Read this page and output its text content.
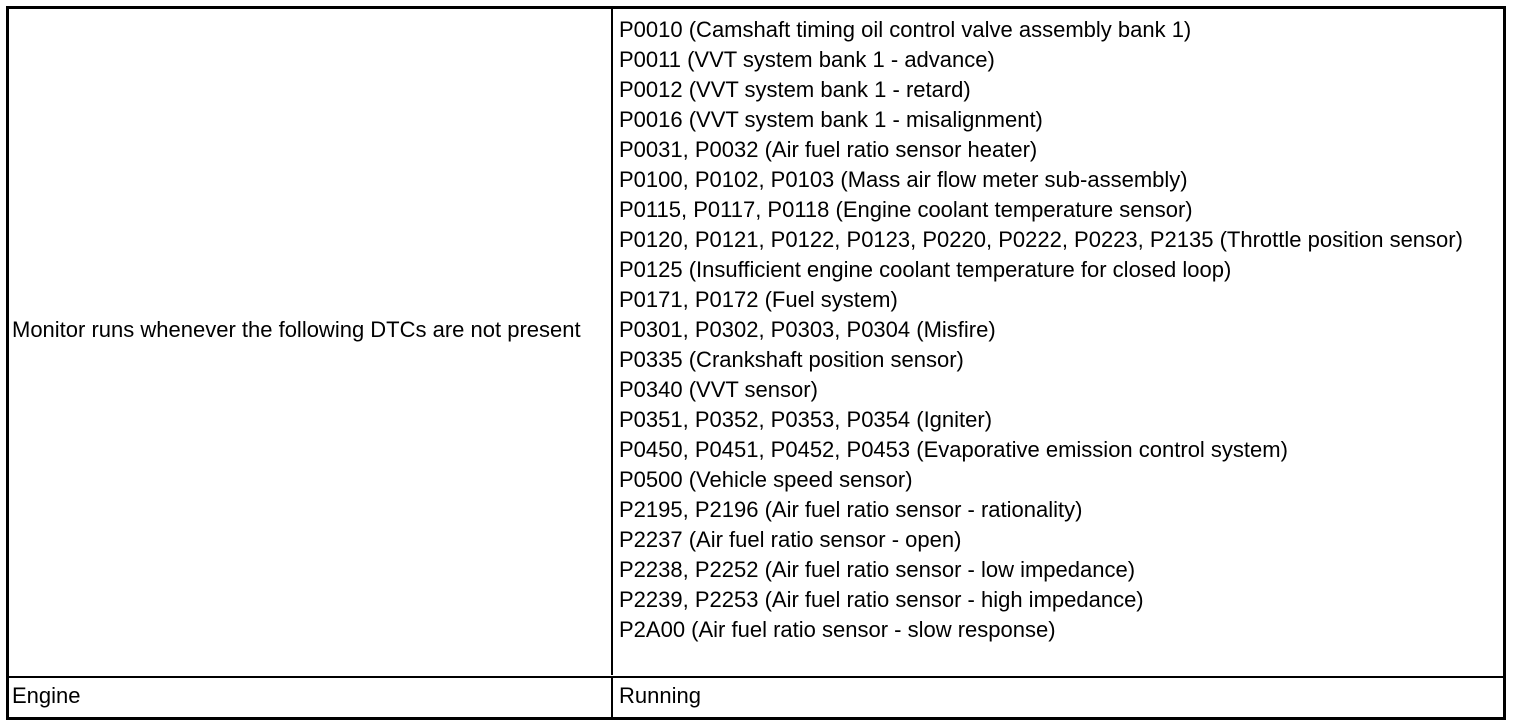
Monitor runs whenever the following DTCs are not present
P0010 (Camshaft timing oil control valve assembly bank 1)
P0011 (VVT system bank 1 - advance)
P0012 (VVT system bank 1 - retard)
P0016 (VVT system bank 1 - misalignment)
P0031, P0032 (Air fuel ratio sensor heater)
P0100, P0102, P0103 (Mass air flow meter sub-assembly)
P0115, P0117, P0118 (Engine coolant temperature sensor)
P0120, P0121, P0122, P0123, P0220, P0222, P0223, P2135 (Throttle position sensor)
P0125 (Insufficient engine coolant temperature for closed loop)
P0171, P0172 (Fuel system)
P0301, P0302, P0303, P0304 (Misfire)
P0335 (Crankshaft position sensor)
P0340 (VVT sensor)
P0351, P0352, P0353, P0354 (Igniter)
P0450, P0451, P0452, P0453 (Evaporative emission control system)
P0500 (Vehicle speed sensor)
P2195, P2196 (Air fuel ratio sensor - rationality)
P2237 (Air fuel ratio sensor - open)
P2238, P2252 (Air fuel ratio sensor - low impedance)
P2239, P2253 (Air fuel ratio sensor - high impedance)
P2A00 (Air fuel ratio sensor - slow response)
Engine	Running
